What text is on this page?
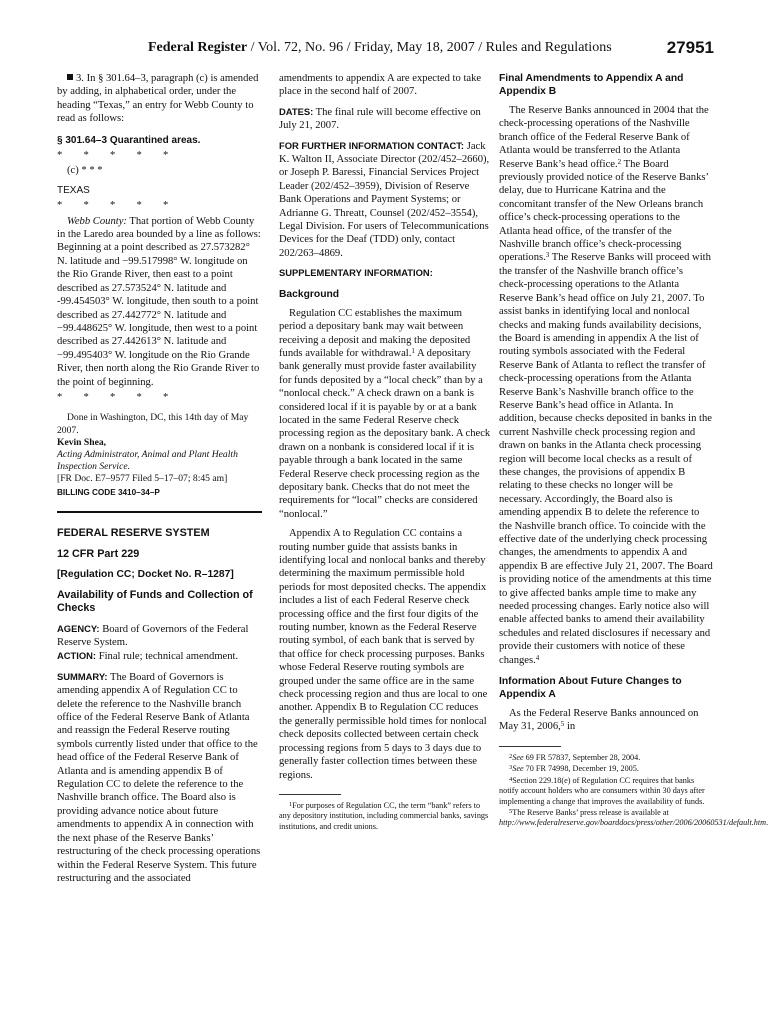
Federal Register / Vol. 72, No. 96 / Friday, May 18, 2007 / Rules and Regulations	27951

3. In § 301.64–3, paragraph (c) is amended by adding, in alphabetical order, under the heading “Texas,” an entry for Webb County to read as follows:

§ 301.64–3 Quarantined areas.

*        *        *        *        *

(c) * * *

TEXAS

*        *        *        *        *

Webb County: That portion of Webb County in the Laredo area bounded by a line as follows: Beginning at a point described as 27.573282° N. latitude and −99.517998° W. longitude on the Rio Grande River, then east to a point described as 27.573524° N. latitude and -99.454503° W. longitude, then south to a point described as 27.442772° N. latitude and −99.448625° W. longitude, then west to a point described as 27.442613° N. latitude and −99.495403° W. longitude on the Rio Grande River, then north along the Rio Grande River to the point of beginning.

*        *        *        *        *

Done in Washington, DC, this 14th day of May 2007.

Kevin Shea,

Acting Administrator, Animal and Plant Health Inspection Service.

[FR Doc. E7–9577 Filed 5–17–07; 8:45 am]

BILLING CODE 3410–34–P

FEDERAL RESERVE SYSTEM

12 CFR Part 229

[Regulation CC; Docket No. R–1287]

Availability of Funds and Collection of Checks

AGENCY: Board of Governors of the Federal Reserve System.

ACTION: Final rule; technical amendment.

SUMMARY: The Board of Governors is amending appendix A of Regulation CC to delete the reference to the Nashville branch office of the Federal Reserve Bank of Atlanta and reassign the Federal Reserve routing symbols currently listed under that office to the head office of the Federal Reserve Bank of Atlanta and is amending appendix B of Regulation CC to delete the reference to the Nashville branch office. The Board also is providing advance notice about future amendments to appendix A in connection with the next phase of the Reserve Banks’ restructuring of the check processing operations within the Federal Reserve System. This future restructuring and the associated

amendments to appendix A are expected to take place in the second half of 2007.

DATES: The final rule will become effective on July 21, 2007.

FOR FURTHER INFORMATION CONTACT: Jack K. Walton II, Associate Director (202/452–2660), or Joseph P. Baressi, Financial Services Project Leader (202/452–3959), Division of Reserve Bank Operations and Payment Systems; or Adrianne G. Threatt, Counsel (202/452–3554), Legal Division. For users of Telecommunications Devices for the Deaf (TDD) only, contact 202/263–4869.

SUPPLEMENTARY INFORMATION:

Background

Regulation CC establishes the maximum period a depositary bank may wait between receiving a deposit and making the deposited funds available for withdrawal.$^1$ A depositary bank generally must provide faster availability for funds deposited by a “local check” than by a “nonlocal check.” A check drawn on a bank is considered local if it is payable by or at a bank located in the same Federal Reserve check processing region as the depositary bank. A check drawn on a nonbank is considered local if it is payable through a bank located in the same Federal Reserve check processing region as the depositary bank. Checks that do not meet the requirements for “local” checks are considered “nonlocal.”

Appendix A to Regulation CC contains a routing number guide that assists banks in identifying local and nonlocal banks and thereby determining the maximum permissible hold periods for most deposited checks. The appendix includes a list of each Federal Reserve check processing office and the first four digits of the routing number, known as the Federal Reserve routing symbol, of each bank that is served by that office for check processing purposes. Banks whose Federal Reserve routing symbols are grouped under the same office are in the same check processing region and thus are local to one another. Appendix B to Regulation CC reduces the generally permissible hold times for nonlocal check deposits collected between certain check processing regions from 5 days to 3 days due to generally faster collection times between these regions.

$^1$For purposes of Regulation CC, the term “bank” refers to any depository institution, including commercial banks, savings institutions, and credit unions.

Final Amendments to Appendix A and Appendix B

The Reserve Banks announced in 2004 that the check-processing operations of the Nashville branch office of the Federal Reserve Bank of Atlanta would be transferred to the Atlanta Reserve Bank’s head office.$^2$ The Board previously provided notice of the Reserve Banks’ delay, due to Hurricane Katrina and the concomitant transfer of the New Orleans branch office’s check-processing operations to the Atlanta head office, of the transfer of the Nashville branch office’s check-processing operations.$^3$ The Reserve Banks will proceed with the transfer of the Nashville branch office’s check-processing operations to the Atlanta Reserve Bank’s head office on July 21, 2007. To assist banks in identifying local and nonlocal checks and making funds availability decisions, the Board is amending in appendix A the list of routing symbols associated with the Federal Reserve Bank of Atlanta to reflect the transfer of check-processing operations from the Atlanta Reserve Bank’s Nashville branch office to the Reserve Bank’s head office in Atlanta. In addition, because checks deposited in banks in the current Nashville check processing region and drawn on banks in the Atlanta check processing region will become local checks as a result of these changes, the provisions of appendix B relating to these checks no longer will be necessary. Accordingly, the Board also is amending appendix B to delete the reference to the Nashville branch office. To coincide with the effective date of the underlying check processing changes, the amendments to appendix A and appendix B are effective July 21, 2007. The Board is providing notice of the amendments at this time to give affected banks ample time to make any needed processing changes. Early notice also will enable affected banks to amend their availability schedules and related disclosures if necessary and provide their customers with notice of these changes.$^4$

Information About Future Changes to Appendix A

As the Federal Reserve Banks announced on May 31, 2006,$^5$ in

$^2$See 69 FR 57837, September 28, 2004.

$^3$See 70 FR 74998, December 19, 2005.

$^4$Section 229.18(e) of Regulation CC requires that banks notify account holders who are consumers within 30 days after implementing a change that improves the availability of funds.

$^5$The Reserve Banks’ press release is available at http://www.federalreserve.gov/boarddocs/press/other/2006/20060531/default.htm.
